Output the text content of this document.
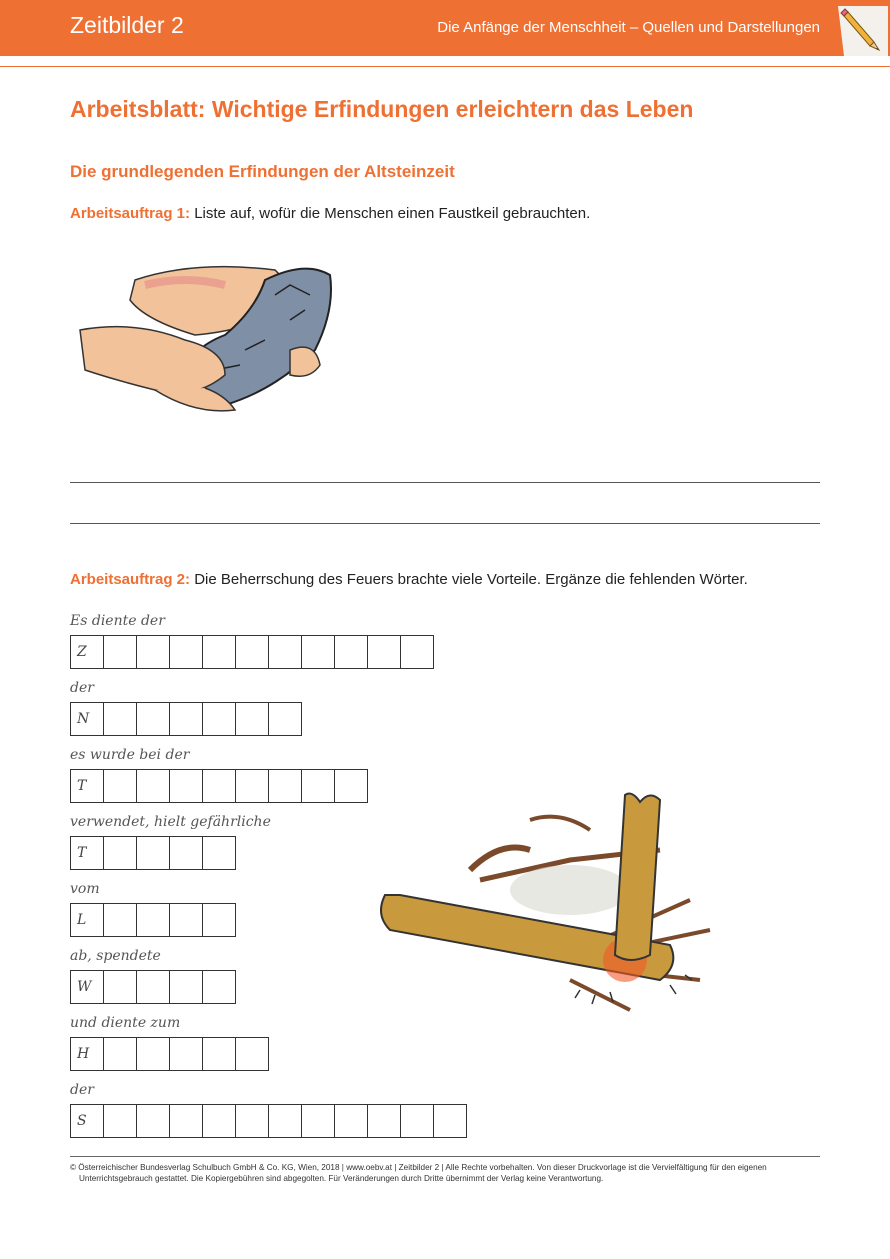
Zeitbilder 2	Die Anfänge der Menschheit – Quellen und Darstellungen
Arbeitsblatt: Wichtige Erfindungen erleichtern das Leben
Die grundlegenden Erfindungen der Altsteinzeit
Arbeitsauftrag 1: Liste auf, wofür die Menschen einen Faustkeil gebrauchten.
Arbeitsauftrag 2: Die Beherrschung des Feuers brachte viele Vorteile. Ergänze die fehlenden Wörter.
Es diente der
Z
der
N
es wurde bei der
T
verwendet, hielt gefährliche
T
vom
L
ab, spendete
W
und diente zum
H
der
S
© Österreichischer Bundesverlag Schulbuch GmbH & Co. KG, Wien, 2018 | www.oebv.at | Zeitbilder 2 | Alle Rechte vorbehalten. Von dieser Druckvorlage ist die Vervielfältigung für den eigenen
Unterrichtsgebrauch gestattet. Die Kopiergebühren sind abgegolten. Für Veränderungen durch Dritte übernimmt der Verlag keine Verantwortung.
